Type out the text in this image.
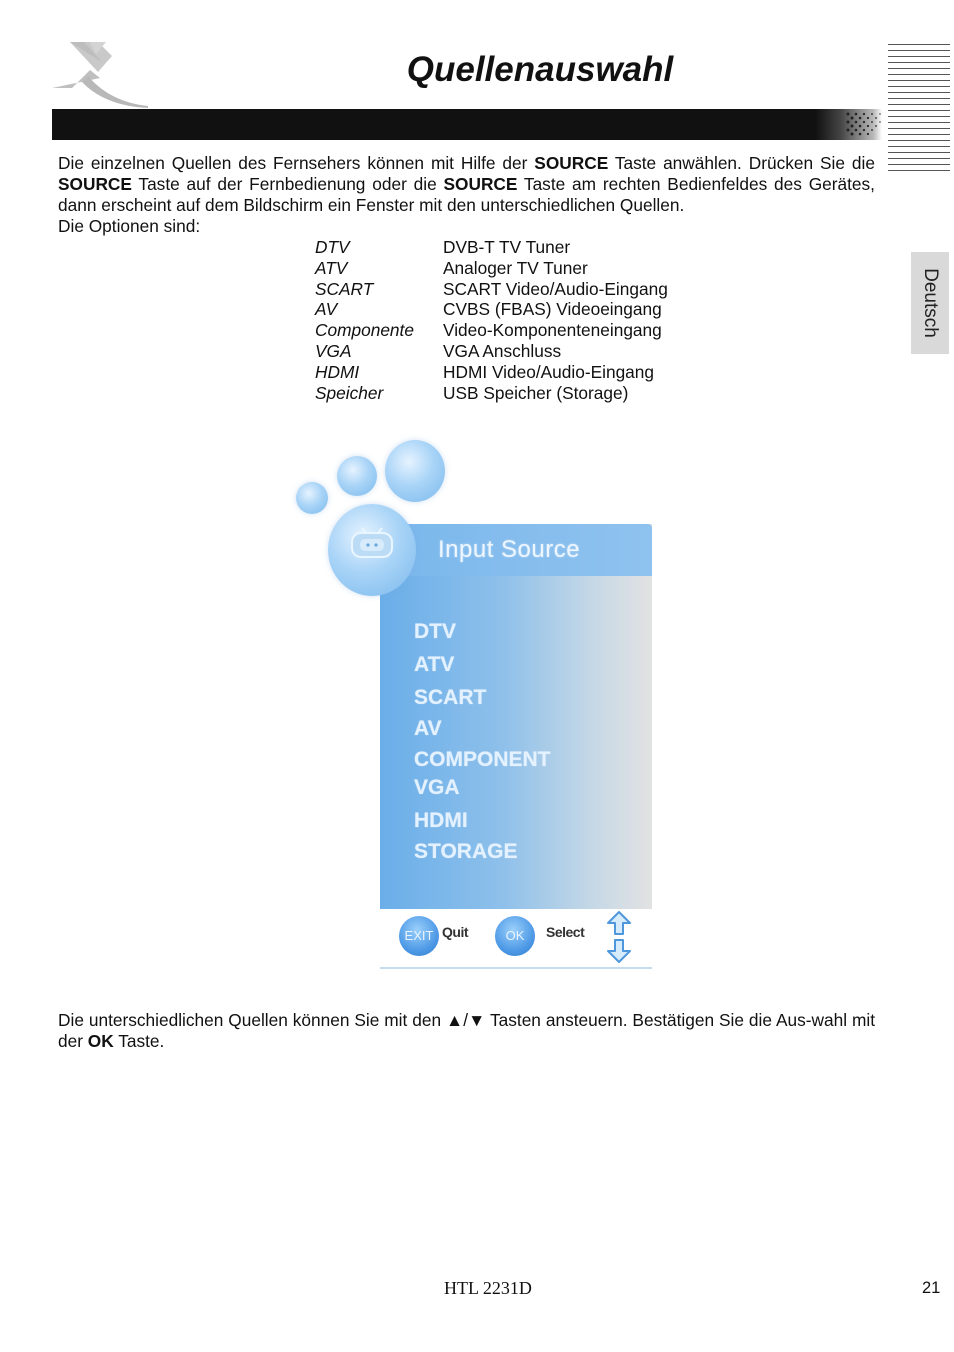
Quellenauswahl
Deutsch
Die einzelnen Quellen des Fernsehers können mit Hilfe der SOURCE Taste anwählen. Drücken Sie die SOURCE Taste auf der Fernbedienung oder die SOURCE Taste am rechten Bedienfeldes des Gerätes, dann erscheint auf dem Bildschirm ein Fenster mit den unterschiedlichen Quellen.
Die Optionen sind:
DTV	DVB-T TV Tuner
ATV	Analoger TV Tuner
SCART	SCART Video/Audio-Eingang
AV	CVBS (FBAS) Videoeingang
Componente	Video-Komponenteneingang
VGA	VGA Anschluss
HDMI	HDMI Video/Audio-Eingang
Speicher	USB Speicher (Storage)
Input Source
DTV
ATV
SCART
AV
COMPONENT
VGA
HDMI
STORAGE
EXIT Quit	OK	Select
Die unterschiedlichen Quellen können Sie mit den ▲/▼ Tasten ansteuern. Bestätigen Sie die Aus-wahl mit der OK Taste.
HTL 2231D	21
